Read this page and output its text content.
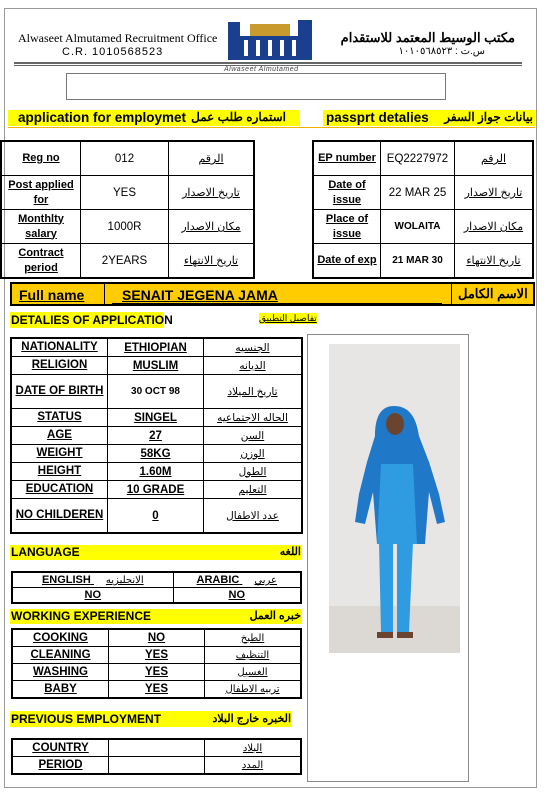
Alwaseet Almutamed Recruitment Office
C.R. 1010568523
مكتب الوسيط المعتمد للاستقدام
س.ت : ١٠١٠٥٦٨٥٢٣
Alwaseet Almutamed
application for employmet استماره طلب عمل	passprt detalies بيانات جواز السفر
Reg no	012	الرقم
Post applied for	YES	تاريخ الاصدار
Monthlty salary	1000R	مكان الاصدار
Contract period	2YEARS	تاريخ الانتهاء
EP number	EQ2227972	الرقم
Date of issue	22 MAR 25	تاريخ الاصدار
Place of issue	WOLAITA	مكان الاصدار
Date of exp	21 MAR 30	تاريخ الانتهاء
Full name	SENAIT JEGENA JAMA	الاسم الكامل
DETALIES OF APPLICATION	تفاصيل التطبيق
NATIONALITY	ETHIOPIAN	الجنسيه
RELIGION	MUSLIM	الديانه
DATE OF BIRTH	30 OCT 98	تاريخ الميلاد
STATUS	SINGEL	الحاله الاجتماعيه
AGE	27	السن
WEIGHT	58KG	الوزن
HEIGHT	1.60M	الطول
EDUCATION	10 GRADE	التعليم
NO CHILDEREN	0	عدد الاطفال
LANGUAGE	اللغه
ENGLISH الانجليزيه	ARABIC عربي
NO	NO
WORKING EXPERIENCE	خبره العمل
COOKING	NO	الطبخ
CLEANING	YES	التنظيف
WASHING	YES	الغسيل
BABY	YES	تربيه الاطفال
PREVIOUS EMPLOYMENT	الخبره خارج البلاد
COUNTRY		البلاد
PERIOD		المدد
